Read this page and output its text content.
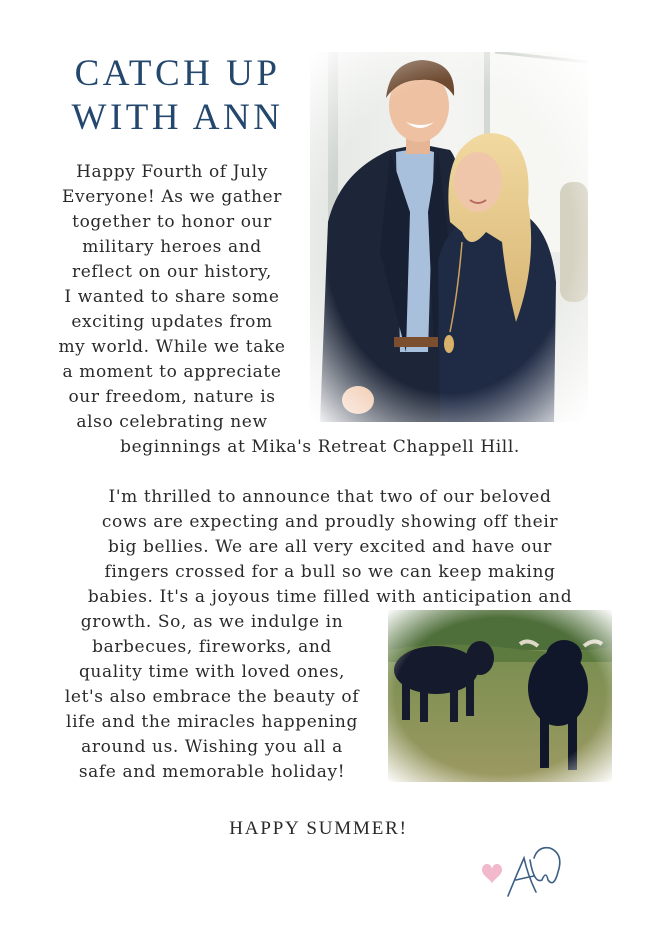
CATCH UP
WITH ANN
Happy Fourth of July
Everyone! As we gather
together to honor our
military heroes and
reflect on our history,
I wanted to share some
exciting updates from
my world. While we take
a moment to appreciate
our freedom, nature is
also celebrating new
beginnings at Mika's Retreat Chappell Hill.
I'm thrilled to announce that two of our beloved
cows are expecting and proudly showing off their
big bellies. We are all very excited and have our
fingers crossed for a bull so we can keep making
babies. It's a joyous time filled with anticipation and
growth. So, as we indulge in
barbecues, fireworks, and
quality time with loved ones,
let's also embrace the beauty of
life and the miracles happening
around us. Wishing you all a
safe and memorable holiday!
HAPPY SUMMER!
